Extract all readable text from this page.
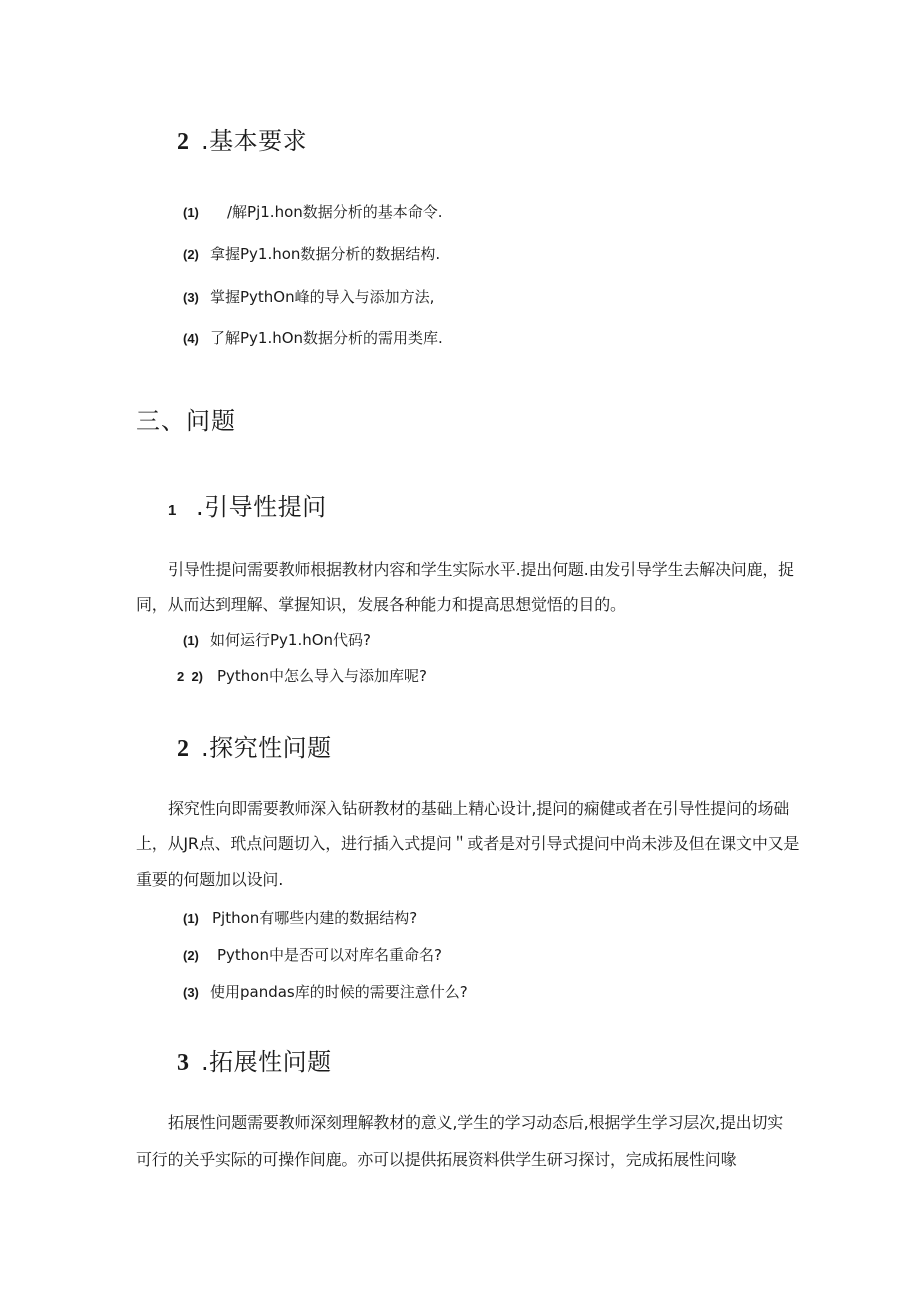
2 .基本要求
(1) /解Pj1.hon数据分析的基本命令.
(2) 拿握Py1.hon数据分析的数据结构.
(3) 掌握PythOn峰的导入与添加方法,
(4) 了解Py1.hOn数据分析的需用类库.
三、问题
1 .引导性提问
引导性提问需要教师根据教材内容和学生实际水平.提出何题.由发引导学生去解决问鹿，捉
同，从而达到理解、掌握知识，发展各种能力和提高思想觉悟的目的。
(1) 如何运行Py1.hOn代码?
2  2) Python中怎么导入与添加库呢?
2 .探究性问题
探究性向即需要教师深入钻研教材的基础上精心设计,提问的痫健或者在引导性提问的场础
上，从JR点、玳点问题切入，进行插入式提问＂或者是对引导式提问中尚未涉及但在课文中又是
重要的何题加以设问.
(1) Pjthon有哪些内建的数据结构?
(2) Python中是否可以对库名重命名?
(3) 使用pandas库的时候的需要注意什么?
3 .拓展性问题
拓展性问题需要教师深刻理解教材的意义,学生的学习动态后,根据学生学习层次,提出切实
可行的关乎实际的可操作间鹿。亦可以提供拓展资料供学生研习探讨，完成拓展性问喙
